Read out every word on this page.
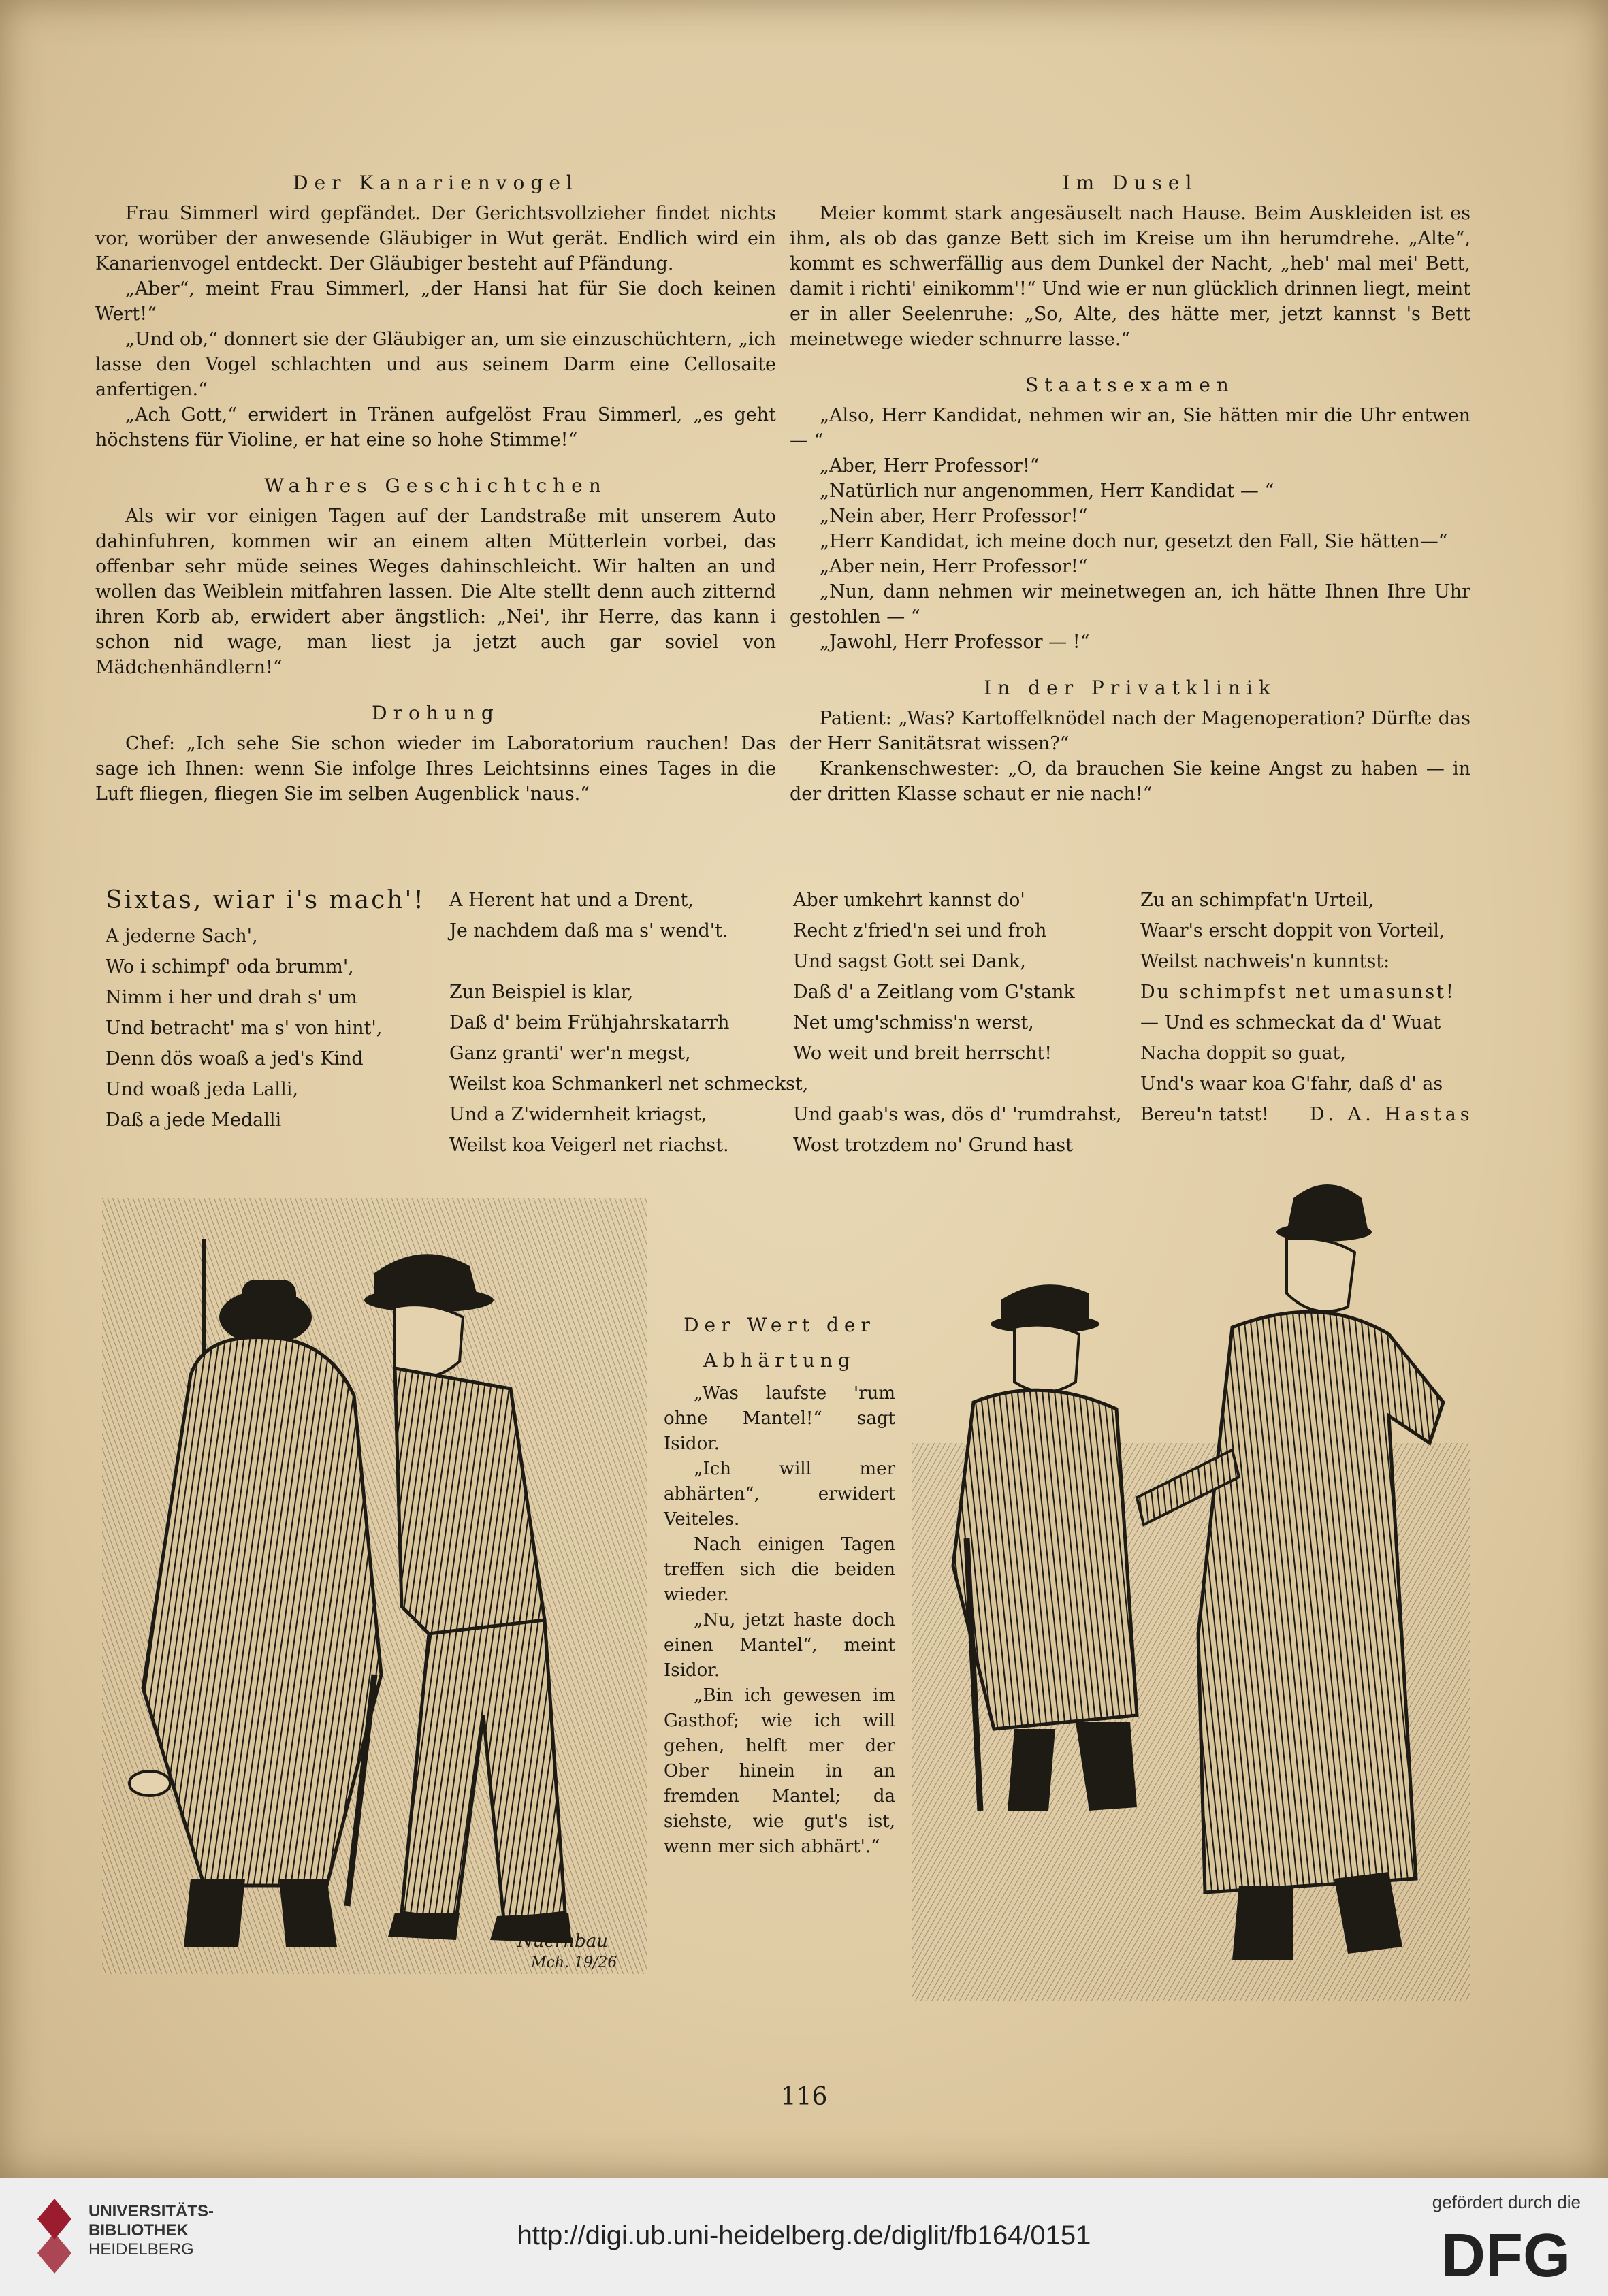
Der Kanarienvogel

Frau Simmerl wird gepfändet. Der Gerichtsvollzieher findet nichts vor, worüber der anwesende Gläubiger in Wut gerät. Endlich wird ein Kanarienvogel entdeckt. Der Gläubiger besteht auf Pfändung.

„Aber“, meint Frau Simmerl, „der Hansi hat für Sie doch keinen Wert!“

„Und ob,“ donnert sie der Gläubiger an, um sie einzuschüchtern, „ich lasse den Vogel schlachten und aus seinem Darm eine Cellosaite anfertigen.“

„Ach Gott,“ erwidert in Tränen aufgelöst Frau Simmerl, „es geht höchstens für Violine, er hat eine so hohe Stimme!“

Wahres Geschichtchen

Als wir vor einigen Tagen auf der Landstraße mit unserem Auto dahinfuhren, kommen wir an einem alten Mütterlein vorbei, das offenbar sehr müde seines Weges dahinschleicht. Wir halten an und wollen das Weiblein mitfahren lassen. Die Alte stellt denn auch zitternd ihren Korb ab, erwidert aber ängstlich: „Nei', ihr Herre, das kann i schon nid wage, man liest ja jetzt auch gar soviel von Mädchenhändlern!“

Drohung

Chef: „Ich sehe Sie schon wieder im Laboratorium rauchen! Das sage ich Ihnen: wenn Sie infolge Ihres Leichtsinns eines Tages in die Luft fliegen, fliegen Sie im selben Augenblick 'naus.“

Im Dusel

Meier kommt stark angesäuselt nach Hause. Beim Auskleiden ist es ihm, als ob das ganze Bett sich im Kreise um ihn herumdrehe. „Alte“, kommt es schwerfällig aus dem Dunkel der Nacht, „heb' mal mei' Bett, damit i richti' einikomm'!“ Und wie er nun glücklich drinnen liegt, meint er in aller Seelenruhe: „So, Alte, des hätte mer, jetzt kannst 's Bett meinetwege wieder schnurre lasse.“

Staatsexamen

„Also, Herr Kandidat, nehmen wir an, Sie hätten mir die Uhr entwen — “

„Aber, Herr Professor!“

„Natürlich nur angenommen, Herr Kandidat — “

„Nein aber, Herr Professor!“

„Herr Kandidat, ich meine doch nur, gesetzt den Fall, Sie hätten—“

„Aber nein, Herr Professor!“

„Nun, dann nehmen wir meinetwegen an, ich hätte Ihnen Ihre Uhr gestohlen — “

„Jawohl, Herr Professor — !“

In der Privatklinik

Patient: „Was? Kartoffelknödel nach der Magenoperation? Dürfte das der Herr Sanitätsrat wissen?“

Krankenschwester: „O, da brauchen Sie keine Angst zu haben — in der dritten Klasse schaut er nie nach!“

Sixtas, wiar i's mach'!
A jederne Sach',
Wo i schimpf' oda brumm',
Nimm i her und drah s' um
Und betracht' ma s' von hint',
Denn dös woaß a jed's Kind
Und woaß jeda Lalli,
Daß a jede Medalli
A Herent hat und a Drent,
Je nachdem daß ma s' wend't.

Zun Beispiel is klar,
Daß d' beim Frühjahrskatarrh
Ganz granti' wer'n megst,
Weilst koa Schmankerl net schmeckst,
Und a Z'widernheit kriagst,
Weilst koa Veigerl net riachst.
Aber umkehrt kannst do'
Recht z'fried'n sei und froh
Und sagst Gott sei Dank,
Daß d' a Zeitlang vom G'stank
Net umg'schmiss'n werst,
Wo weit und breit herrscht!

Und gaab's was, dös d' 'rumdrahst,
Wost trotzdem no' Grund hast
Zu an schimpfat'n Urteil,
Waar's erscht doppit von Vorteil,
Weilst nachweis'n kunntst:
Du schimpfst net umasunst!
— Und es schmeckat da d' Wuat
Nacha doppit so guat,
Und's waar koa G'fahr, daß d' as
Bereu'n tatst! D. A. Hastas
Nuernbau
Mch. 19/26
Der Wert der
Abhärtung

„Was laufste 'rum ohne Mantel!“ sagt Isidor.

„Ich will mer abhärten“, erwidert Veiteles.

Nach einigen Tagen treffen sich die beiden wieder.

„Nu, jetzt haste doch einen Mantel“, meint Isidor.

„Bin ich gewesen im Gasthof; wie ich will gehen, helft mer der Ober hinein in an fremden Mantel; da siehste, wie gut's ist, wenn mer sich abhärt'.“

116
UNIVERSITÄTS-
BIBLIOTHEK
HEIDELBERG	http://digi.ub.uni-heidelberg.de/diglit/fb164/0151
gefördert durch die
DFG
